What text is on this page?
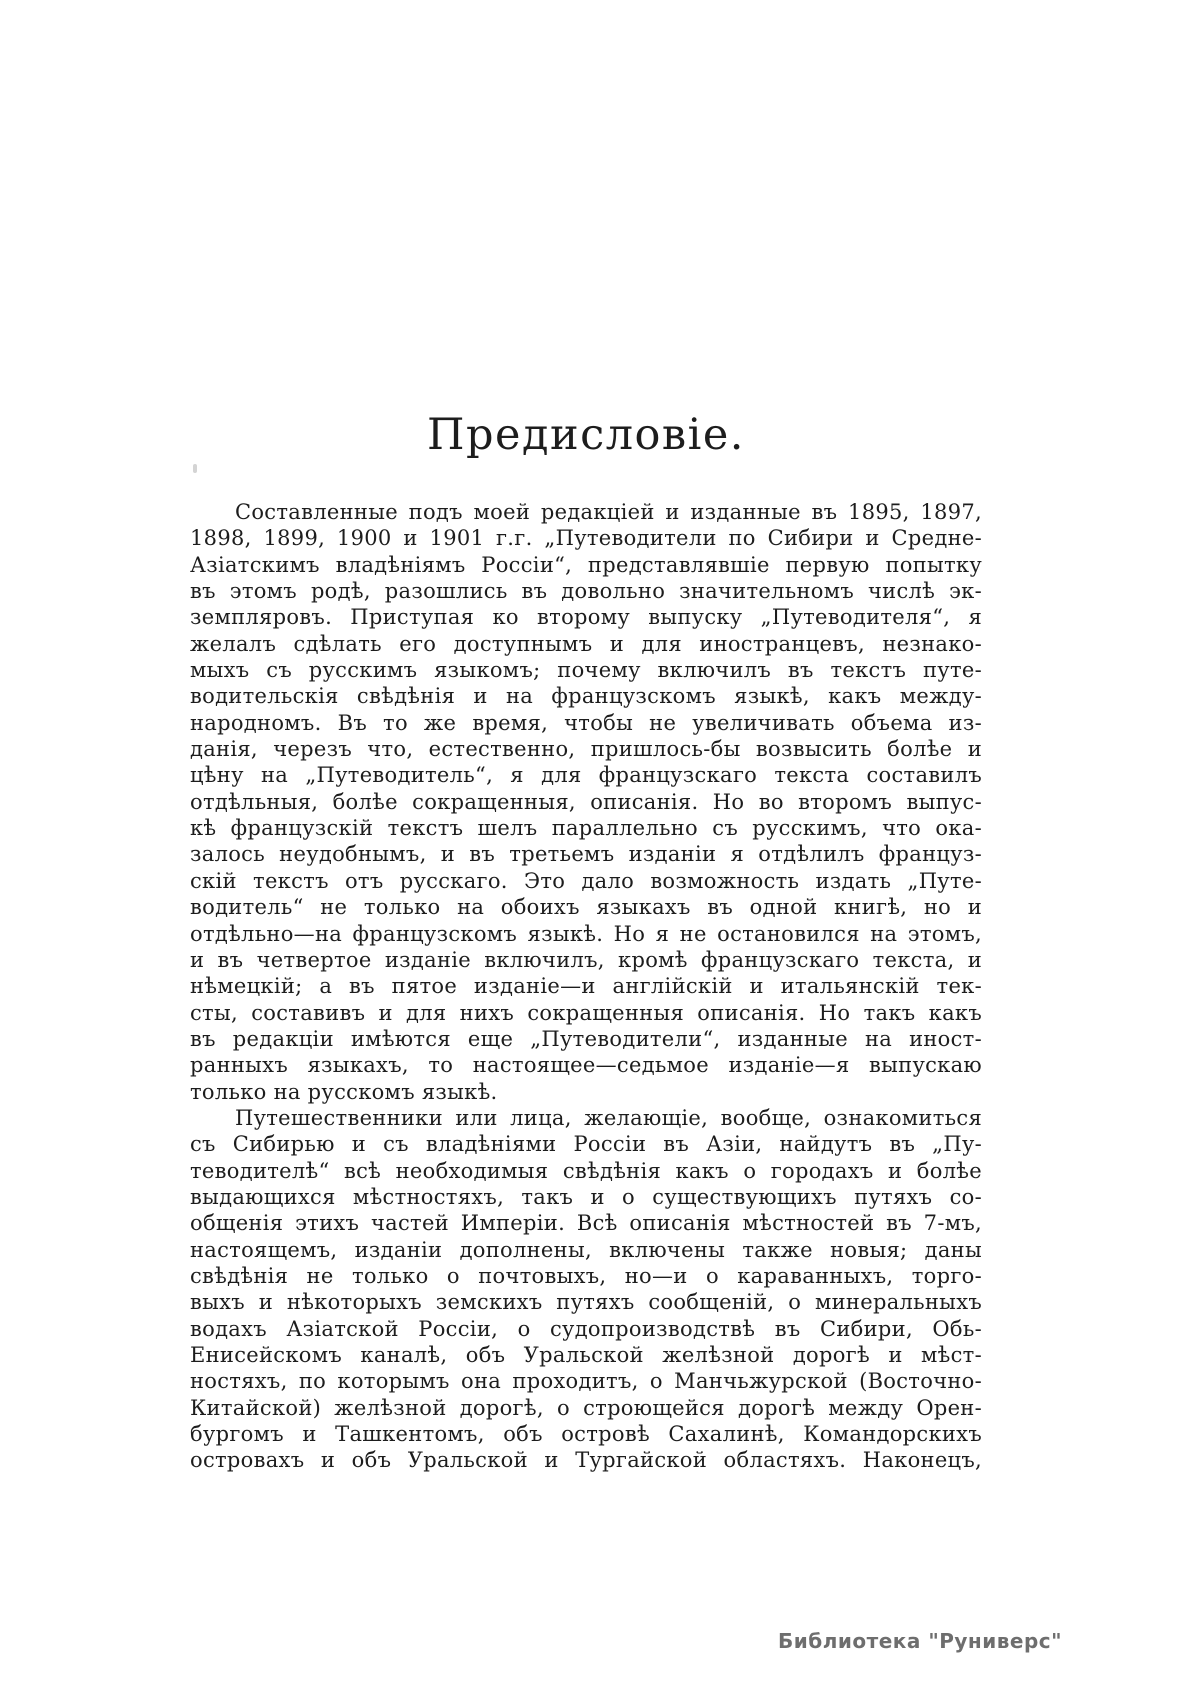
Предисловіе.
Составленные подъ моей редакціей и изданные въ 1895, 1897,
1898, 1899, 1900 и 1901 г.г. „Путеводители по Сибири и Средне-
Азіатскимъ владѣніямъ Россіи“, представлявшіе первую попытку
въ этомъ родѣ, разошлись въ довольно значительномъ числѣ эк-
земпляровъ. Приступая ко второму выпуску „Путеводителя“, я
желалъ сдѣлать его доступнымъ и для иностранцевъ, незнако-
мыхъ съ русскимъ языкомъ; почему включилъ въ текстъ путе-
водительскія свѣдѣнія и на французскомъ языкѣ, какъ между-
народномъ. Въ то же время, чтобы не увеличивать объема из-
данія, черезъ что, естественно, пришлось-бы возвысить болѣе и
цѣну на „Путеводитель“, я для французскаго текста составилъ
отдѣльныя, болѣе сокращенныя, описанія. Но во второмъ выпус-
кѣ французскій текстъ шелъ параллельно съ русскимъ, что ока-
залось неудобнымъ, и въ третьемъ изданіи я отдѣлилъ француз-
скій текстъ отъ русскаго. Это дало возможность издать „Путе-
водитель“ не только на обоихъ языкахъ въ одной книгѣ, но и
отдѣльно—на французскомъ языкѣ. Но я не остановился на этомъ,
и въ четвертое изданіе включилъ, кромѣ французскаго текста, и
нѣмецкій; а въ пятое изданіе—и англійскій и итальянскій тек-
сты, составивъ и для нихъ сокращенныя описанія. Но такъ какъ
въ редакціи имѣются еще „Путеводители“, изданные на иност-
ранныхъ языкахъ, то настоящее—седьмое изданіе—я выпускаю
только на русскомъ языкѣ.
Путешественники или лица, желающіе, вообще, ознакомиться
съ Сибирью и съ владѣніями Россіи въ Азіи, найдутъ въ „Пу-
теводителѣ“ всѣ необходимыя свѣдѣнія какъ о городахъ и болѣе
выдающихся мѣстностяхъ, такъ и о существующихъ путяхъ со-
общенія этихъ частей Имперіи. Всѣ описанія мѣстностей въ 7-мъ,
настоящемъ, изданіи дополнены, включены также новыя; даны
свѣдѣнія не только о почтовыхъ, но—и о караванныхъ, торго-
выхъ и нѣкоторыхъ земскихъ путяхъ сообщеній, о минеральныхъ
водахъ Азіатской Россіи, о судопроизводствѣ въ Сибири, Обь-
Енисейскомъ каналѣ, объ Уральской желѣзной дорогѣ и мѣст-
ностяхъ, по которымъ она проходитъ, о Манчьжурской (Восточно-
Китайской) желѣзной дорогѣ, о строющейся дорогѣ между Орен-
бургомъ и Ташкентомъ, объ островѣ Сахалинѣ, Командорскихъ
островахъ и объ Уральской и Тургайской областяхъ. Наконецъ,
Библиотека "Руниверс"
